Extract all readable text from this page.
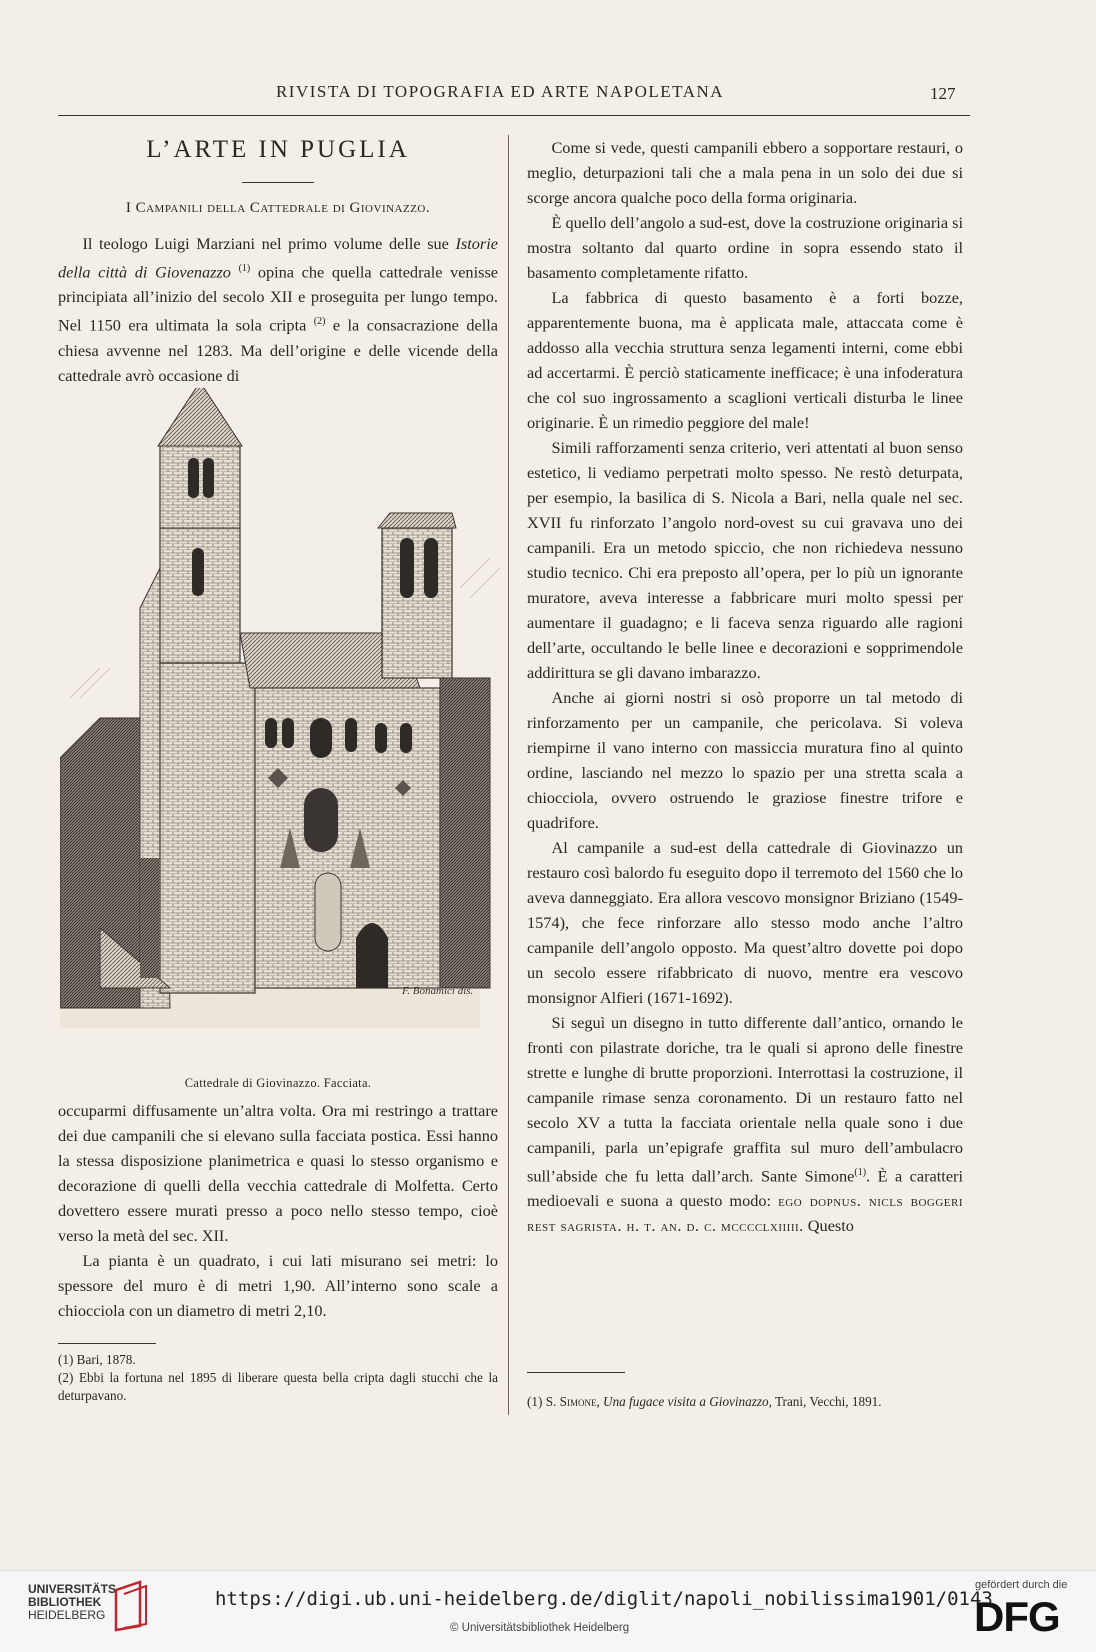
RIVISTA DI TOPOGRAFIA ED ARTE NAPOLETANA	127
L’ARTE IN PUGLIA
I Campanili della Cattedrale di Giovinazzo.

Il teologo Luigi Marziani nel primo volume delle sue Istorie della città di Giovenazzo $^{(1)}$ opina che quella cattedrale venisse principiata all’inizio del secolo XII e proseguita per lungo tempo. Nel 1150 era ultimata la sola cripta $^{(2)}$ e la consacrazione della chiesa avvenne nel 1283. Ma dell’origine e delle vicende della cattedrale avrò occasione di

F. Bonamici dis.
Cattedrale di Giovinazzo. Facciata.

occuparmi diffusamente un’altra volta. Ora mi restringo a trattare dei due campanili che si elevano sulla facciata postica. Essi hanno la stessa disposizione planimetrica e quasi lo stesso organismo e decorazione di quelli della vecchia cattedrale di Molfetta. Certo dovettero essere murati presso a poco nello stesso tempo, cioè verso la metà del sec. XII.

La pianta è un quadrato, i cui lati misurano sei metri: lo spessore del muro è di metri 1,90. All’interno sono scale a chiocciola con un diametro di metri 2,10.

(1) Bari, 1878.

(2) Ebbi la fortuna nel 1895 di liberare questa bella cripta dagli stucchi che la deturpavano.

Come si vede, questi campanili ebbero a sopportare restauri, o meglio, deturpazioni tali che a mala pena in un solo dei due si scorge ancora qualche poco della forma originaria.

È quello dell’angolo a sud-est, dove la costruzione originaria si mostra soltanto dal quarto ordine in sopra essendo stato il basamento completamente rifatto.

La fabbrica di questo basamento è a forti bozze, apparentemente buona, ma è applicata male, attaccata come è addosso alla vecchia struttura senza legamenti interni, come ebbi ad accertarmi. È perciò staticamente inefficace; è una infoderatura che col suo ingrossamento a scaglioni verticali disturba le linee originarie. È un rimedio peggiore del male!

Simili rafforzamenti senza criterio, veri attentati al buon senso estetico, li vediamo perpetrati molto spesso. Ne restò deturpata, per esempio, la basilica di S. Nicola a Bari, nella quale nel sec. XVII fu rinforzato l’angolo nord-ovest su cui gravava uno dei campanili. Era un metodo spiccio, che non richiedeva nessuno studio tecnico. Chi era preposto all’opera, per lo più un ignorante muratore, aveva interesse a fabbricare muri molto spessi per aumentare il guadagno; e li faceva senza riguardo alle ragioni dell’arte, occultando le belle linee e decorazioni e sopprimendole addirittura se gli davano imbarazzo.

Anche ai giorni nostri si osò proporre un tal metodo di rinforzamento per un campanile, che pericolava. Si voleva riempirne il vano interno con massiccia muratura fino al quinto ordine, lasciando nel mezzo lo spazio per una stretta scala a chiocciola, ovvero ostruendo le graziose finestre trifore e quadrifore.

Al campanile a sud-est della cattedrale di Giovinazzo un restauro così balordo fu eseguito dopo il terremoto del 1560 che lo aveva danneggiato. Era allora vescovo monsignor Briziano (1549-1574), che fece rinforzare allo stesso modo anche l’altro campanile dell’angolo opposto. Ma quest’altro dovette poi dopo un secolo essere rifabbricato di nuovo, mentre era vescovo monsignor Alfieri (1671-1692).

Si seguì un disegno in tutto differente dall’antico, ornando le fronti con pilastrate doriche, tra le quali si aprono delle finestre strette e lunghe di brutte proporzioni. Interrottasi la costruzione, il campanile rimase senza coronamento. Di un restauro fatto nel secolo XV a tutta la facciata orientale nella quale sono i due campanili, parla un’epigrafe graffita sul muro dell’ambulacro sull’abside che fu letta dall’arch. Sante Simone$^{(1)}$. È a caratteri medioevali e suona a questo modo: ego dopnus. nicls boggeri rest sagrista. h. t. an. d. c. mcccclxiiiii. Questo

(1) S. Simone, Una fugace visita a Giovinazzo, Trani, Vecchi, 1891.

UNIVERSITÄTS-
BIBLIOTHEK
HEIDELBERG
https://digi.ub.uni-heidelberg.de/diglit/napoli_nobilissima1901/0143
© Universitätsbibliothek Heidelberg
gefördert durch die
DFG
